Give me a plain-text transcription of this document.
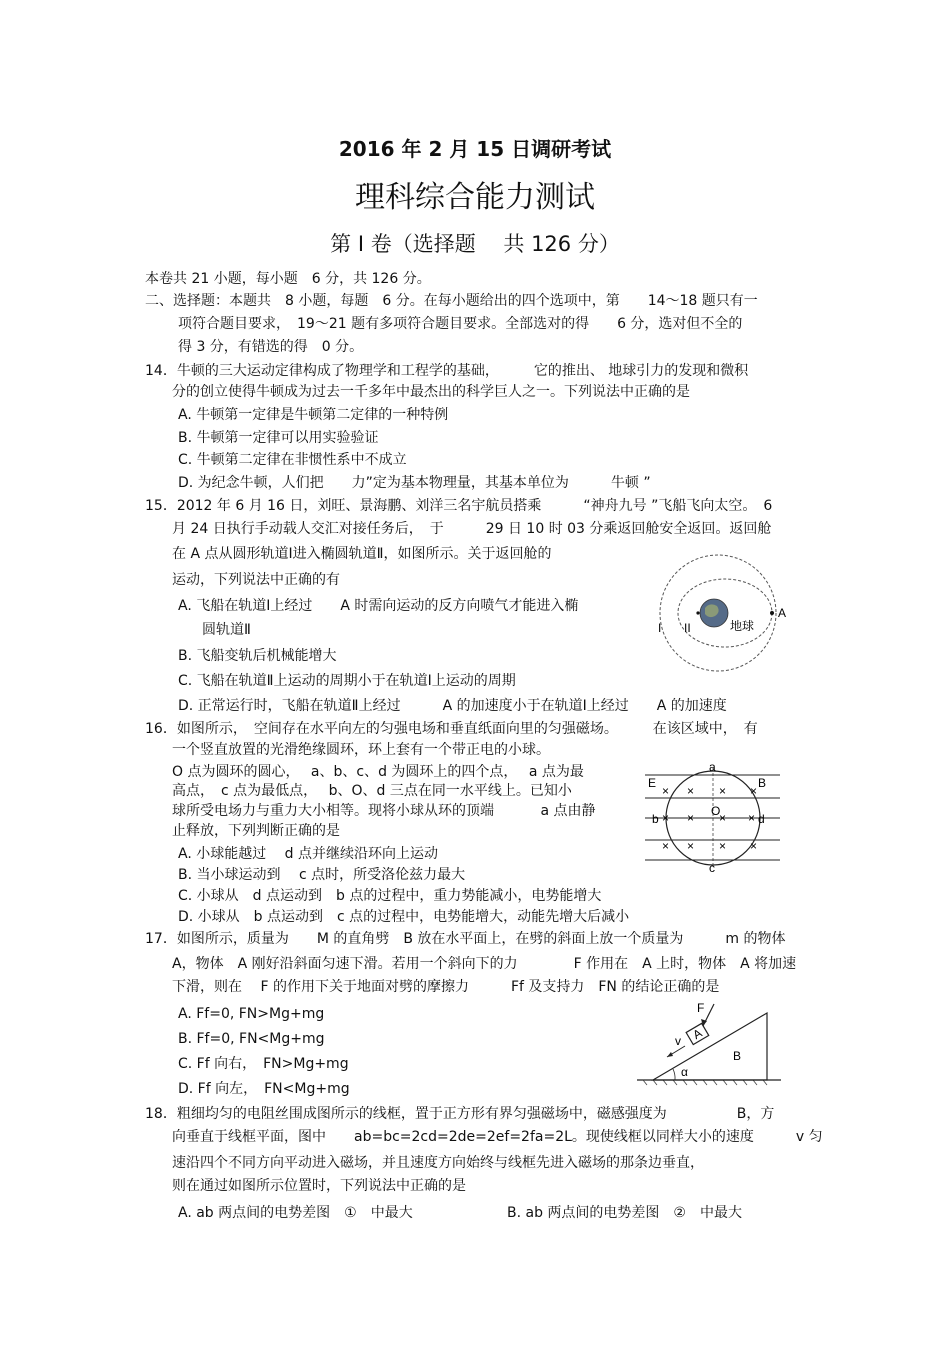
2016 年 2 月 15 日调研考试
理科综合能力测试
第 Ⅰ 卷（选择题　 共 126 分）
本卷共 21 小题，每小题　6 分，共 126 分。
二、选择题：本题共　8 小题，每题　6 分。在每小题给出的四个选项中，第　　14～18 题只有一
项符合题目要求，　19～21 题有多项符合题目要求。全部选对的得　　6 分，选对但不全的
得 3 分，有错选的得　0 分。
14．牛顿的三大运动定律构成了物理学和工程学的基础，　　　它的推出、 地球引力的发现和微积
分的创立使得牛顿成为过去一千多年中最杰出的科学巨人之一。下列说法中正确的是
A. 牛顿第一定律是牛顿第二定律的一种特例
B. 牛顿第一定律可以用实验验证
C. 牛顿第二定律在非惯性系中不成立
D. 为纪念牛顿，人们把　　力”定为基本物理量，其基本单位为　　　牛顿 ”
15．2012 年 6 月 16 日，刘旺、景海鹏、刘洋三名宇航员搭乘　　　“神舟九号 ”飞船飞向太空。　6
月 24 日执行手动载人交汇对接任务后，　于　　　29 日 10 时 03 分乘返回舱安全返回。返回舱
在 A 点从圆形轨道Ⅰ进入椭圆轨道Ⅱ，如图所示。关于返回舱的
运动，下列说法中正确的有
A. 飞船在轨道Ⅰ上经过　　A 时需向运动的反方向喷气才能进入椭
圆轨道Ⅱ
B. 飞船变轨后机械能增大
C. 飞船在轨道Ⅱ上运动的周期小于在轨道Ⅰ上运动的周期
D. 正常运行时，飞船在轨道Ⅱ上经过　　　A 的加速度小于在轨道Ⅰ上经过　　A 的加速度
A
I II	地球
16．如图所示，　空间存在水平向左的匀强电场和垂直纸面向里的匀强磁场。　　　在该区域中，　有
一个竖直放置的光滑绝缘圆环，环上套有一个带正电的小球。
O 点为圆环的圆心，　 a、b、c、d 为圆环上的四个点，　 a 点为最
高点，　c 点为最低点，　 b、O、d 三点在同一水平线上。已知小
球所受电场力与重力大小相等。现将小球从环的顶端　　　 a 点由静
止释放，下列判断正确的是
A. 小球能越过　 d 点并继续沿环向上运动
B. 当小球运动到　 c 点时，所受洛伦兹力最大
C. 小球从　d 点运动到　b 点的过程中，重力势能减小，电势能增大
D. 小球从　b 点运动到　c 点的过程中，电势能增大，动能先增大后减小
× × × ×
× × × ×
× × × ×
a
b
c
d
O
E	B
17．如图所示，质量为　　M 的直角劈　B 放在水平面上，在劈的斜面上放一个质量为　　　m 的物体
A，物体　A 刚好沿斜面匀速下滑。若用一个斜向下的力　　　　F 作用在　A 上时，物体　A 将加速
下滑，则在　 F 的作用下关于地面对劈的摩擦力　　　Ff 及支持力　FN 的结论正确的是
A. Ff=0, FN>Mg+mg
B. Ff=0, FN<Mg+mg
C. Ff 向右，　FN>Mg+mg
D. Ff 向左，　FN<Mg+mg
A
F
v
B
α
18．粗细均匀的电阻丝围成图所示的线框，置于正方形有界匀强磁场中，磁感强度为　　　　　B，方
向垂直于线框平面，图中　　ab=bc=2cd=2de=2ef=2fa=2L。现使线框以同样大小的速度　　　v 匀
速沿四个不同方向平动进入磁场，并且速度方向始终与线框先进入磁场的那条边垂直，
则在通过如图所示位置时，下列说法中正确的是
A. ab 两点间的电势差图　①　中最大	B. ab 两点间的电势差图　②　中最大
